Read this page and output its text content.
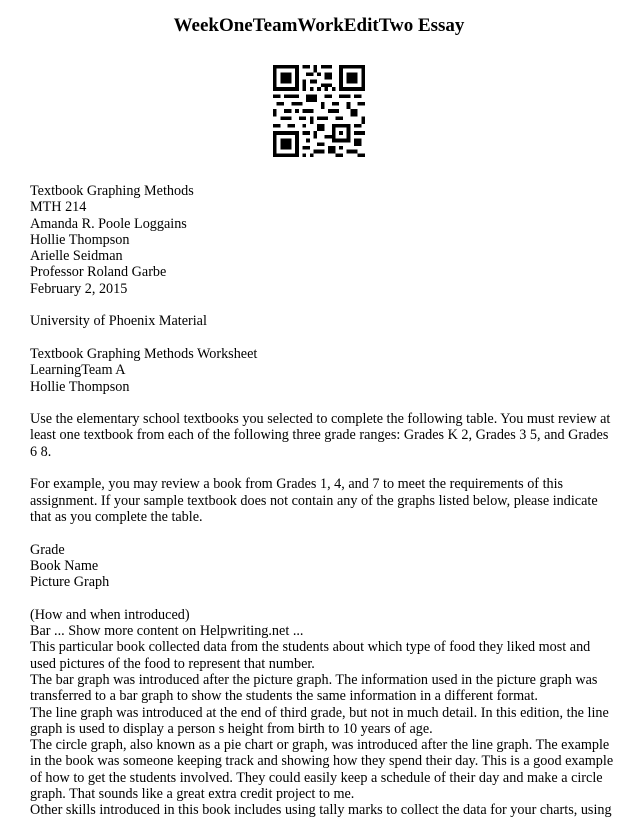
WeekOneTeamWorkEditTwo Essay

Textbook Graphing Methods
MTH 214
Amanda R. Poole Loggains
Hollie Thompson
Arielle Seidman
Professor Roland Garbe
February 2, 2015

University of Phoenix Material

Textbook Graphing Methods Worksheet
LearningTeam A
Hollie Thompson

Use the elementary school textbooks you selected to complete the following table. You must review at
least one textbook from each of the following three grade ranges: Grades K 2, Grades 3 5, and Grades
6 8.

For example, you may review a book from Grades 1, 4, and 7 to meet the requirements of this
assignment. If your sample textbook does not contain any of the graphs listed below, please indicate
that as you complete the table.

Grade
Book Name
Picture Graph

(How and when introduced)
Bar ... Show more content on Helpwriting.net ...
This particular book collected data from the students about which type of food they liked most and
used pictures of the food to represent that number.
The bar graph was introduced after the picture graph. The information used in the picture graph was
transferred to a bar graph to show the students the same information in a different format.
The line graph was introduced at the end of third grade, but not in much detail. In this edition, the line
graph is used to display a person s height from birth to 10 years of age.
The circle graph, also known as a pie chart or graph, was introduced after the line graph. The example
in the book was someone keeping track and showing how they spend their day. This is a good example
of how to get the students involved. They could easily keep a schedule of their day and make a circle
graph. That sounds like a great extra credit project to me.
Other skills introduced in this book includes using tally marks to collect the data for your charts, using
